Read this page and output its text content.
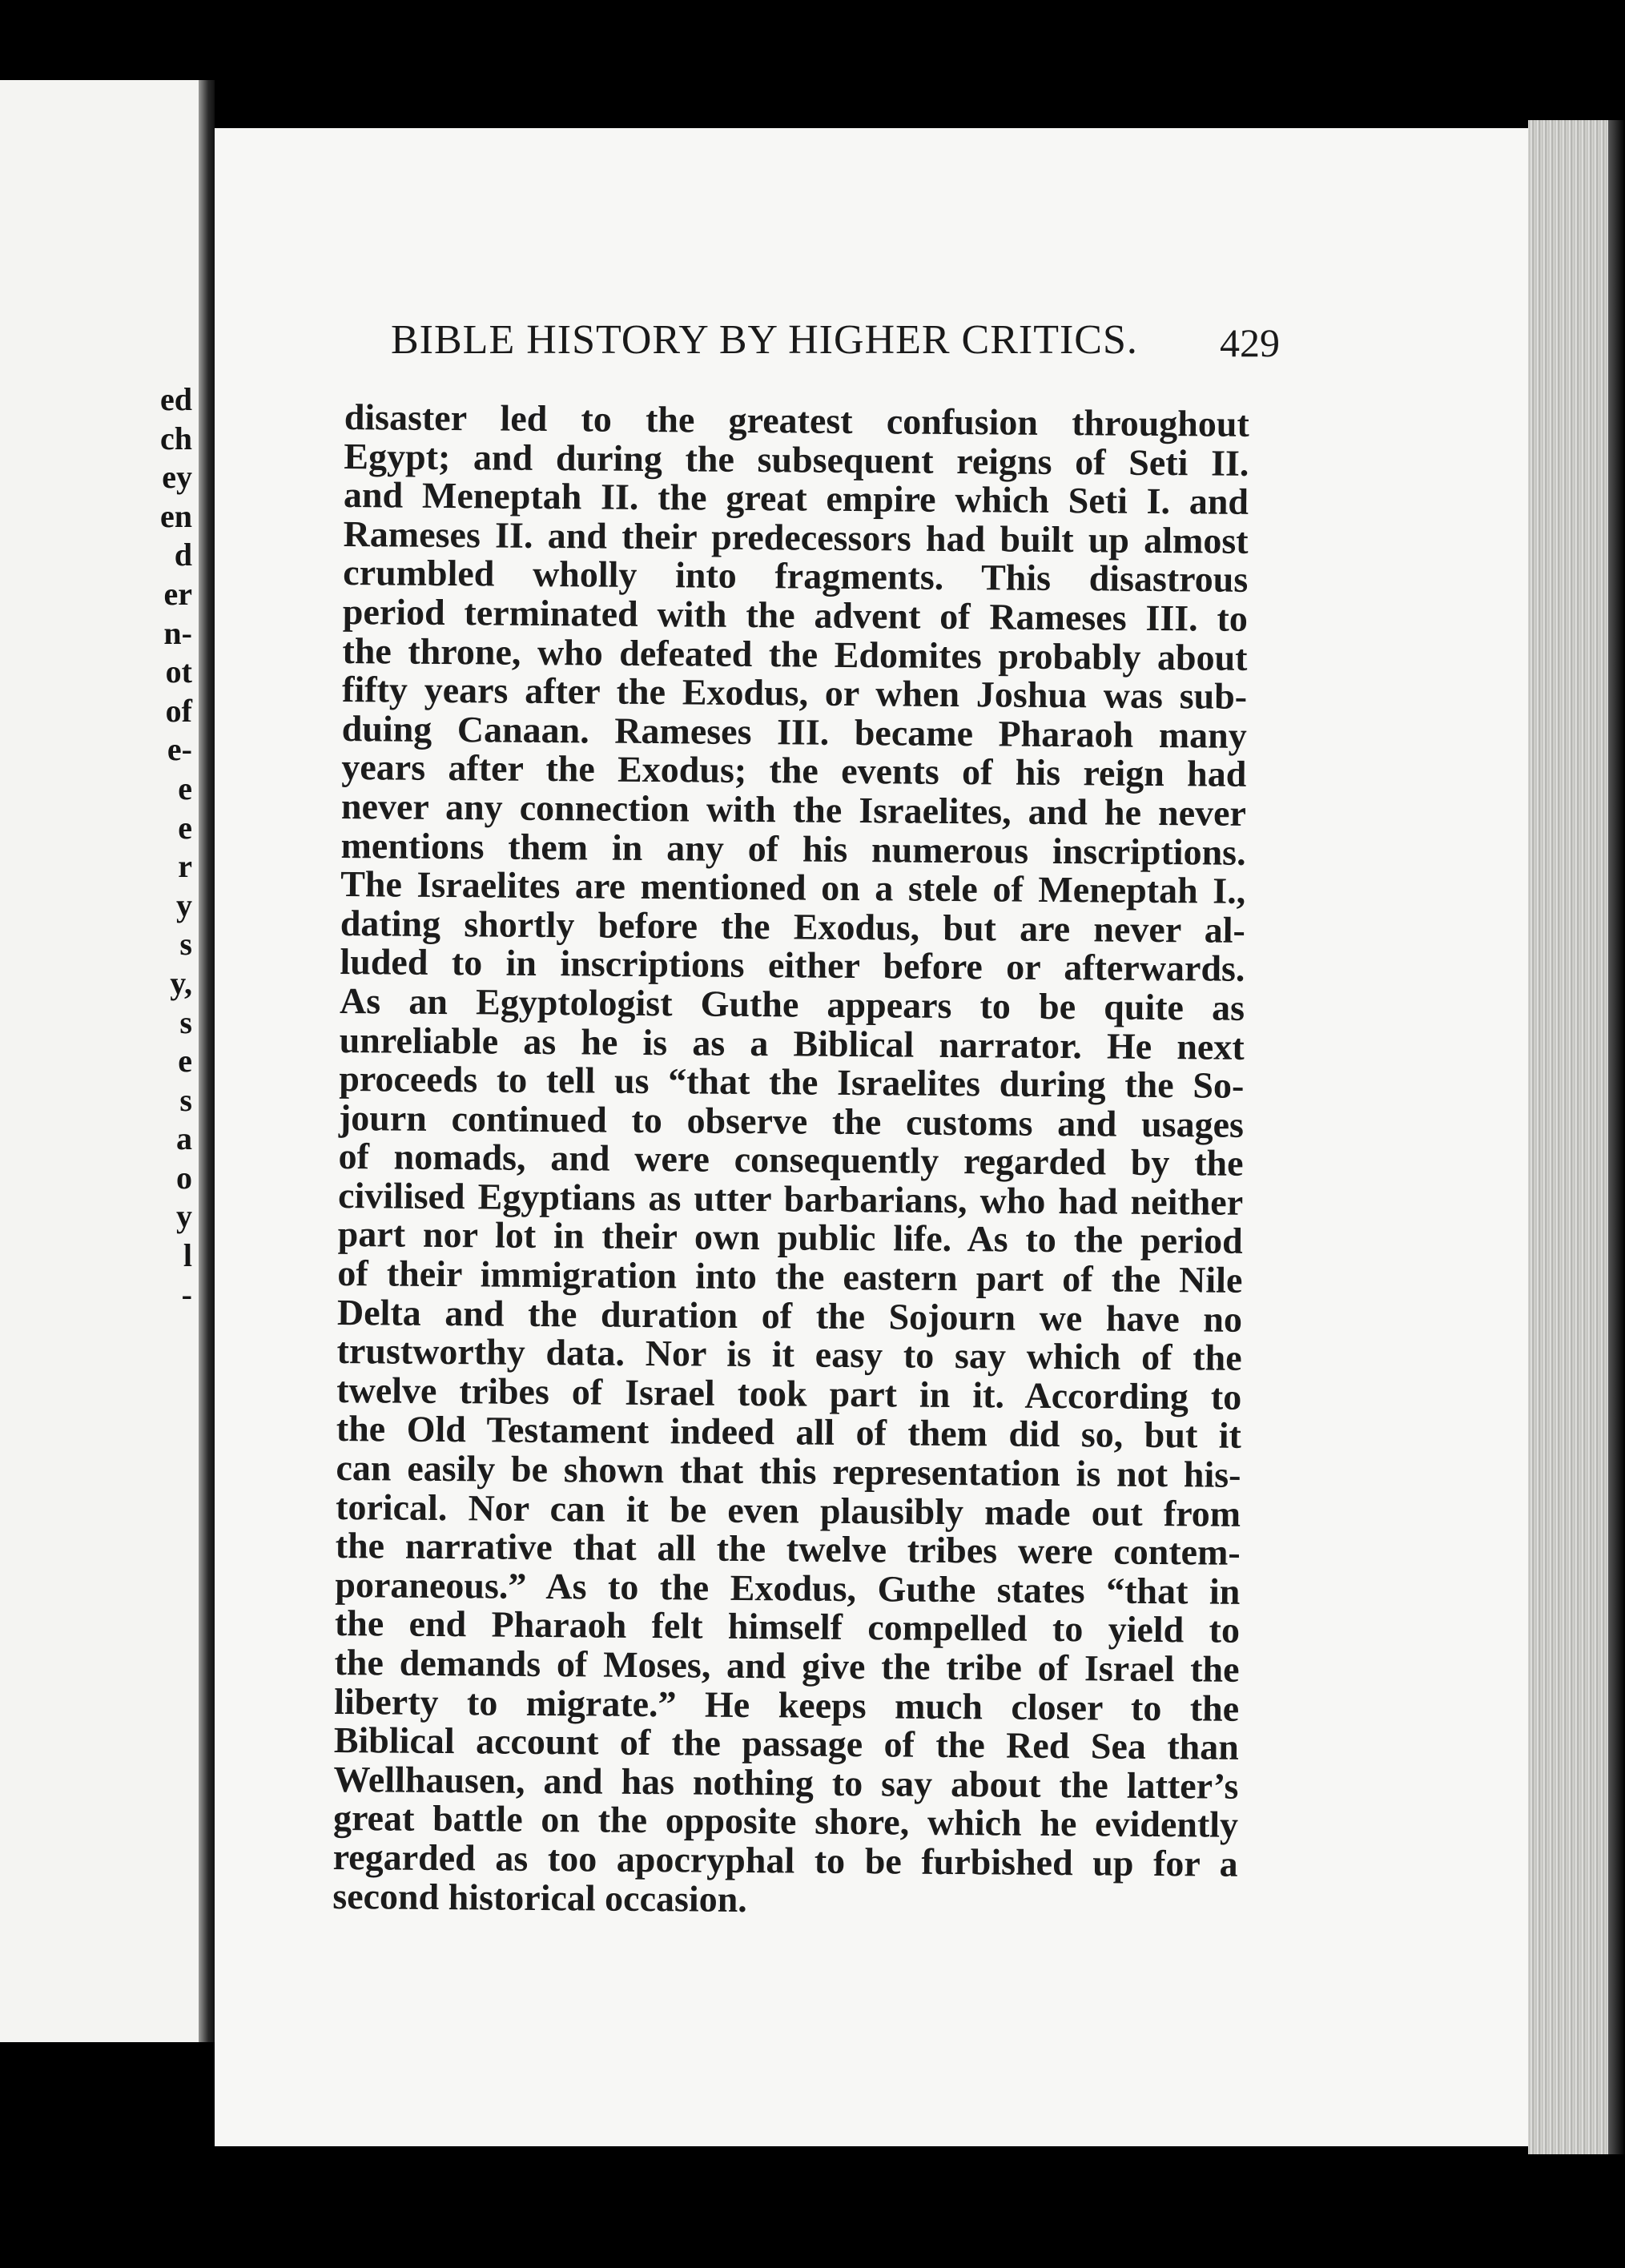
ed
ch
ey
en
d
er
n-
ot
of
e-
e
e
r
y
s
y,
s
e
s
a
o
y
l
-
BIBLE HISTORY BY HIGHER CRITICS. 429
disaster led to the greatest confusion throughout
Egypt; and during the subsequent reigns of Seti II.
and Meneptah II. the great empire which Seti I. and
Rameses II. and their predecessors had built up almost
crumbled wholly into fragments. This disastrous
period terminated with the advent of Rameses III. to
the throne, who defeated the Edomites probably about
fifty years after the Exodus, or when Joshua was sub-
duing Canaan. Rameses III. became Pharaoh many
years after the Exodus; the events of his reign had
never any connection with the Israelites, and he never
mentions them in any of his numerous inscriptions.
The Israelites are mentioned on a stele of Meneptah I.,
dating shortly before the Exodus, but are never al-
luded to in inscriptions either before or afterwards.
As an Egyptologist Guthe appears to be quite as
unreliable as he is as a Biblical narrator. He next
proceeds to tell us “that the Israelites during the So-
journ continued to observe the customs and usages
of nomads, and were consequently regarded by the
civilised Egyptians as utter barbarians, who had neither
part nor lot in their own public life. As to the period
of their immigration into the eastern part of the Nile
Delta and the duration of the Sojourn we have no
trustworthy data. Nor is it easy to say which of the
twelve tribes of Israel took part in it. According to
the Old Testament indeed all of them did so, but it
can easily be shown that this representation is not his-
torical. Nor can it be even plausibly made out from
the narrative that all the twelve tribes were contem-
poraneous.” As to the Exodus, Guthe states “that in
the end Pharaoh felt himself compelled to yield to
the demands of Moses, and give the tribe of Israel the
liberty to migrate.” He keeps much closer to the
Biblical account of the passage of the Red Sea than
Wellhausen, and has nothing to say about the latter’s
great battle on the opposite shore, which he evidently
regarded as too apocryphal to be furbished up for a
second historical occasion.
